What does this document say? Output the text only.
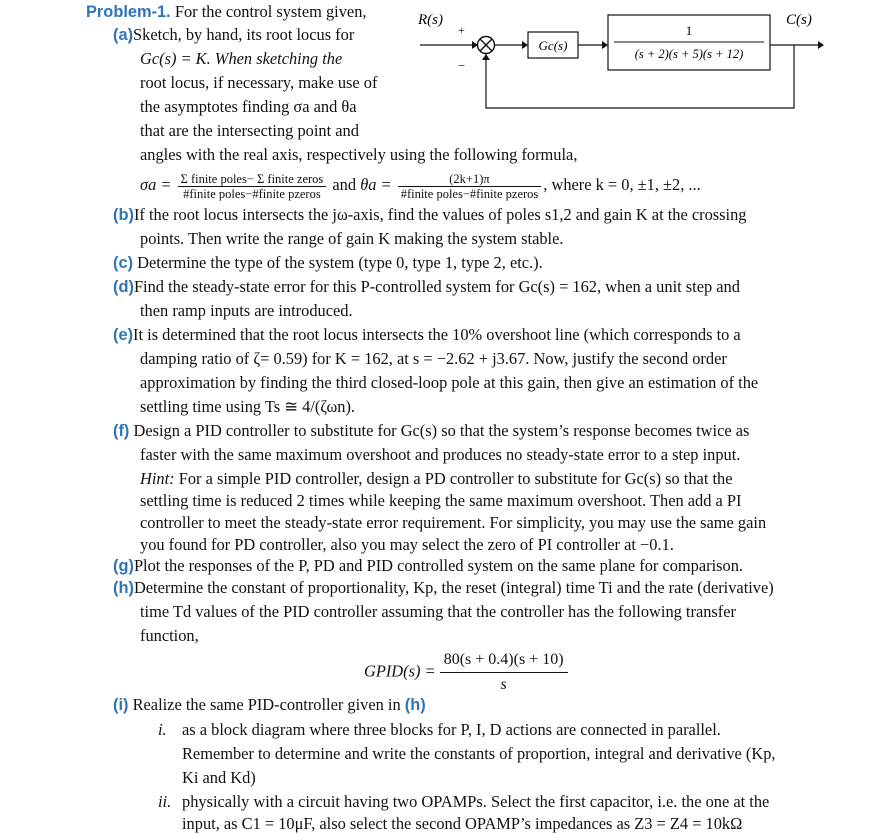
Problem-1. For the control system given,	R(s)
+
−
Gc(s)
1
(s + 2)(s + 5)(s + 12)
C(s)
(a)Sketch, by hand, its root locus for
Gc(s) = K. When sketching the
root locus, if necessary, make use of
the asymptotes finding σa and θa
that are the intersecting point and
angles with the real axis, respectively using the following formula,
$\sigma a = \frac{\text{Σ finite poles− Σ finite zeros}}{\text{\#finite poles−\#finite pzeros}}$ and $\theta a = \frac{(2k+1)\pi}{\text{\#finite poles−\#finite pzeros}}$ , where k = 0, ±1, ±2, ...
(b)If the root locus intersects the jω-axis, find the values of poles s1,2 and gain K at the crossing
points. Then write the range of gain K making the system stable.
(c) Determine the type of the system (type 0, type 1, type 2, etc.).
(d)Find the steady-state error for this P-controlled system for Gc(s) = 162, when a unit step and
then ramp inputs are introduced.
(e)It is determined that the root locus intersects the 10% overshoot line (which corresponds to a
damping ratio of ζ= 0.59) for K = 162, at s = −2.62 + j3.67. Now, justify the second order
approximation by finding the third closed-loop pole at this gain, then give an estimation of the
settling time using Ts ≅ 4/(ζωn).
(f) Design a PID controller to substitute for Gc(s) so that the system’s response becomes twice as
faster with the same maximum overshoot and produces no steady-state error to a step input.
Hint: For a simple PID controller, design a PD controller to substitute for Gc(s) so that the
settling time is reduced 2 times while keeping the same maximum overshoot. Then add a PI
controller to meet the steady-state error requirement. For simplicity, you may use the same gain
you found for PD controller, also you may select the zero of PI controller at −0.1.
(g)Plot the responses of the P, PD and PID controlled system on the same plane for comparison.
(h)Determine the constant of proportionality, Kp, the reset (integral) time Ti and the rate (derivative)
time Td values of the PID controller assuming that the controller has the following transfer
function,
GPID(s) = $\frac{80(s + 0.4)(s + 10)}{s}$
(i) Realize the same PID-controller given in (h)
i. as a block diagram where three blocks for P, I, D actions are connected in parallel.
Remember to determine and write the constants of proportion, integral and derivative (Kp,
Ki and Kd)
ii. physically with a circuit having two OPAMPs. Select the first capacitor, i.e. the one at the
input, as C1 = 10μF, also select the second OPAMP’s impedances as Z3 = Z4 = 10kΩ
